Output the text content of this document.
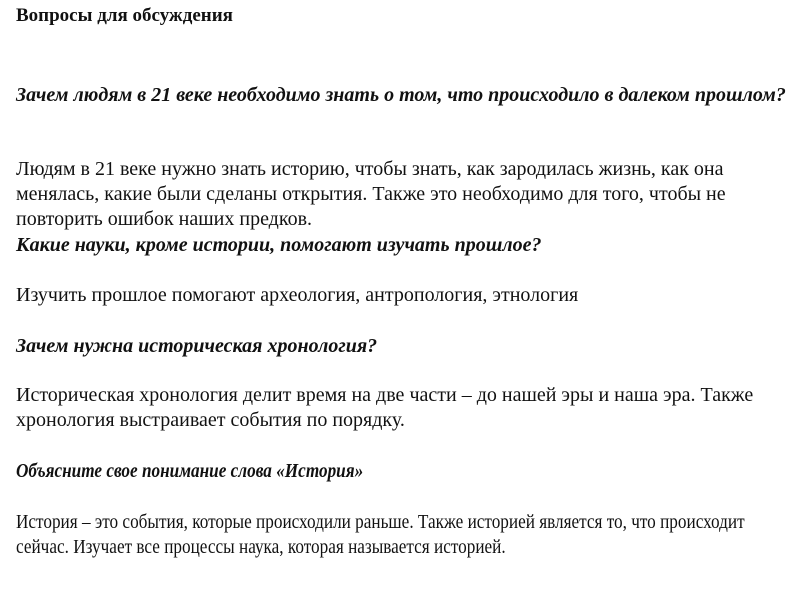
Вопросы для обсуждения
Зачем людям в 21 веке необходимо знать о том, что происходило в далеком прошлом?
Людям в 21 веке нужно знать историю, чтобы знать, как зародилась жизнь, как она менялась, какие были сделаны открытия. Также это необходимо для того, чтобы не повторить ошибок наших предков.
Какие науки, кроме истории, помогают изучать прошлое?
Изучить прошлое помогают археология, антропология, этнология
Зачем нужна историческая хронология?
Историческая хронология делит время на две части – до нашей эры и наша эра. Также хронология выстраивает события по порядку.
Объясните свое понимание слова «История»
История – это события, которые происходили раньше. Также историей является то, что происходит сейчас. Изучает все процессы наука, которая называется историей.
